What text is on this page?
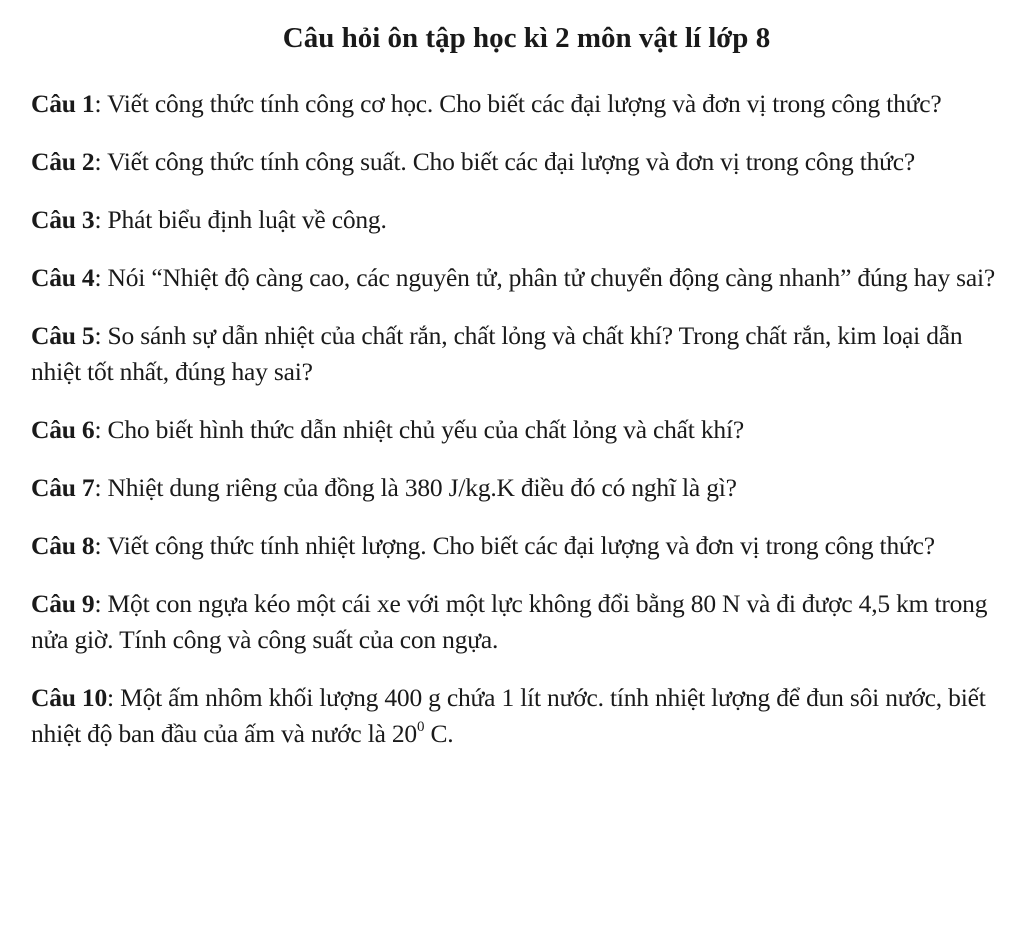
Câu hỏi ôn tập học kì 2 môn vật lí lớp 8
Câu 1: Viết công thức tính công cơ học. Cho biết các đại lượng và đơn vị trong công thức?
Câu 2: Viết công thức tính công suất. Cho biết các đại lượng và đơn vị trong công thức?
Câu 3: Phát biểu định luật về công.
Câu 4: Nói “Nhiệt độ càng cao, các nguyên tử, phân tử chuyển động càng nhanh” đúng hay sai?
Câu 5: So sánh sự dẫn nhiệt của chất rắn, chất lỏng và chất khí? Trong chất rắn, kim loại dẫn nhiệt tốt nhất, đúng hay sai?
Câu 6: Cho biết hình thức dẫn nhiệt chủ yếu của chất lỏng và chất khí?
Câu 7: Nhiệt dung riêng của đồng là 380 J/kg.K điều đó có nghĩ là gì?
Câu 8: Viết công thức tính nhiệt lượng. Cho biết các đại lượng và đơn vị trong công thức?
Câu 9: Một con ngựa kéo một cái xe với một lực không đổi bằng 80 N và đi được 4,5 km trong nửa giờ. Tính công và công suất của con ngựa.
Câu 10: Một ấm nhôm khối lượng 400 g chứa 1 lít nước. tính nhiệt lượng để đun sôi nước, biết nhiệt độ ban đầu của ấm và nước là $20^0$ C.
